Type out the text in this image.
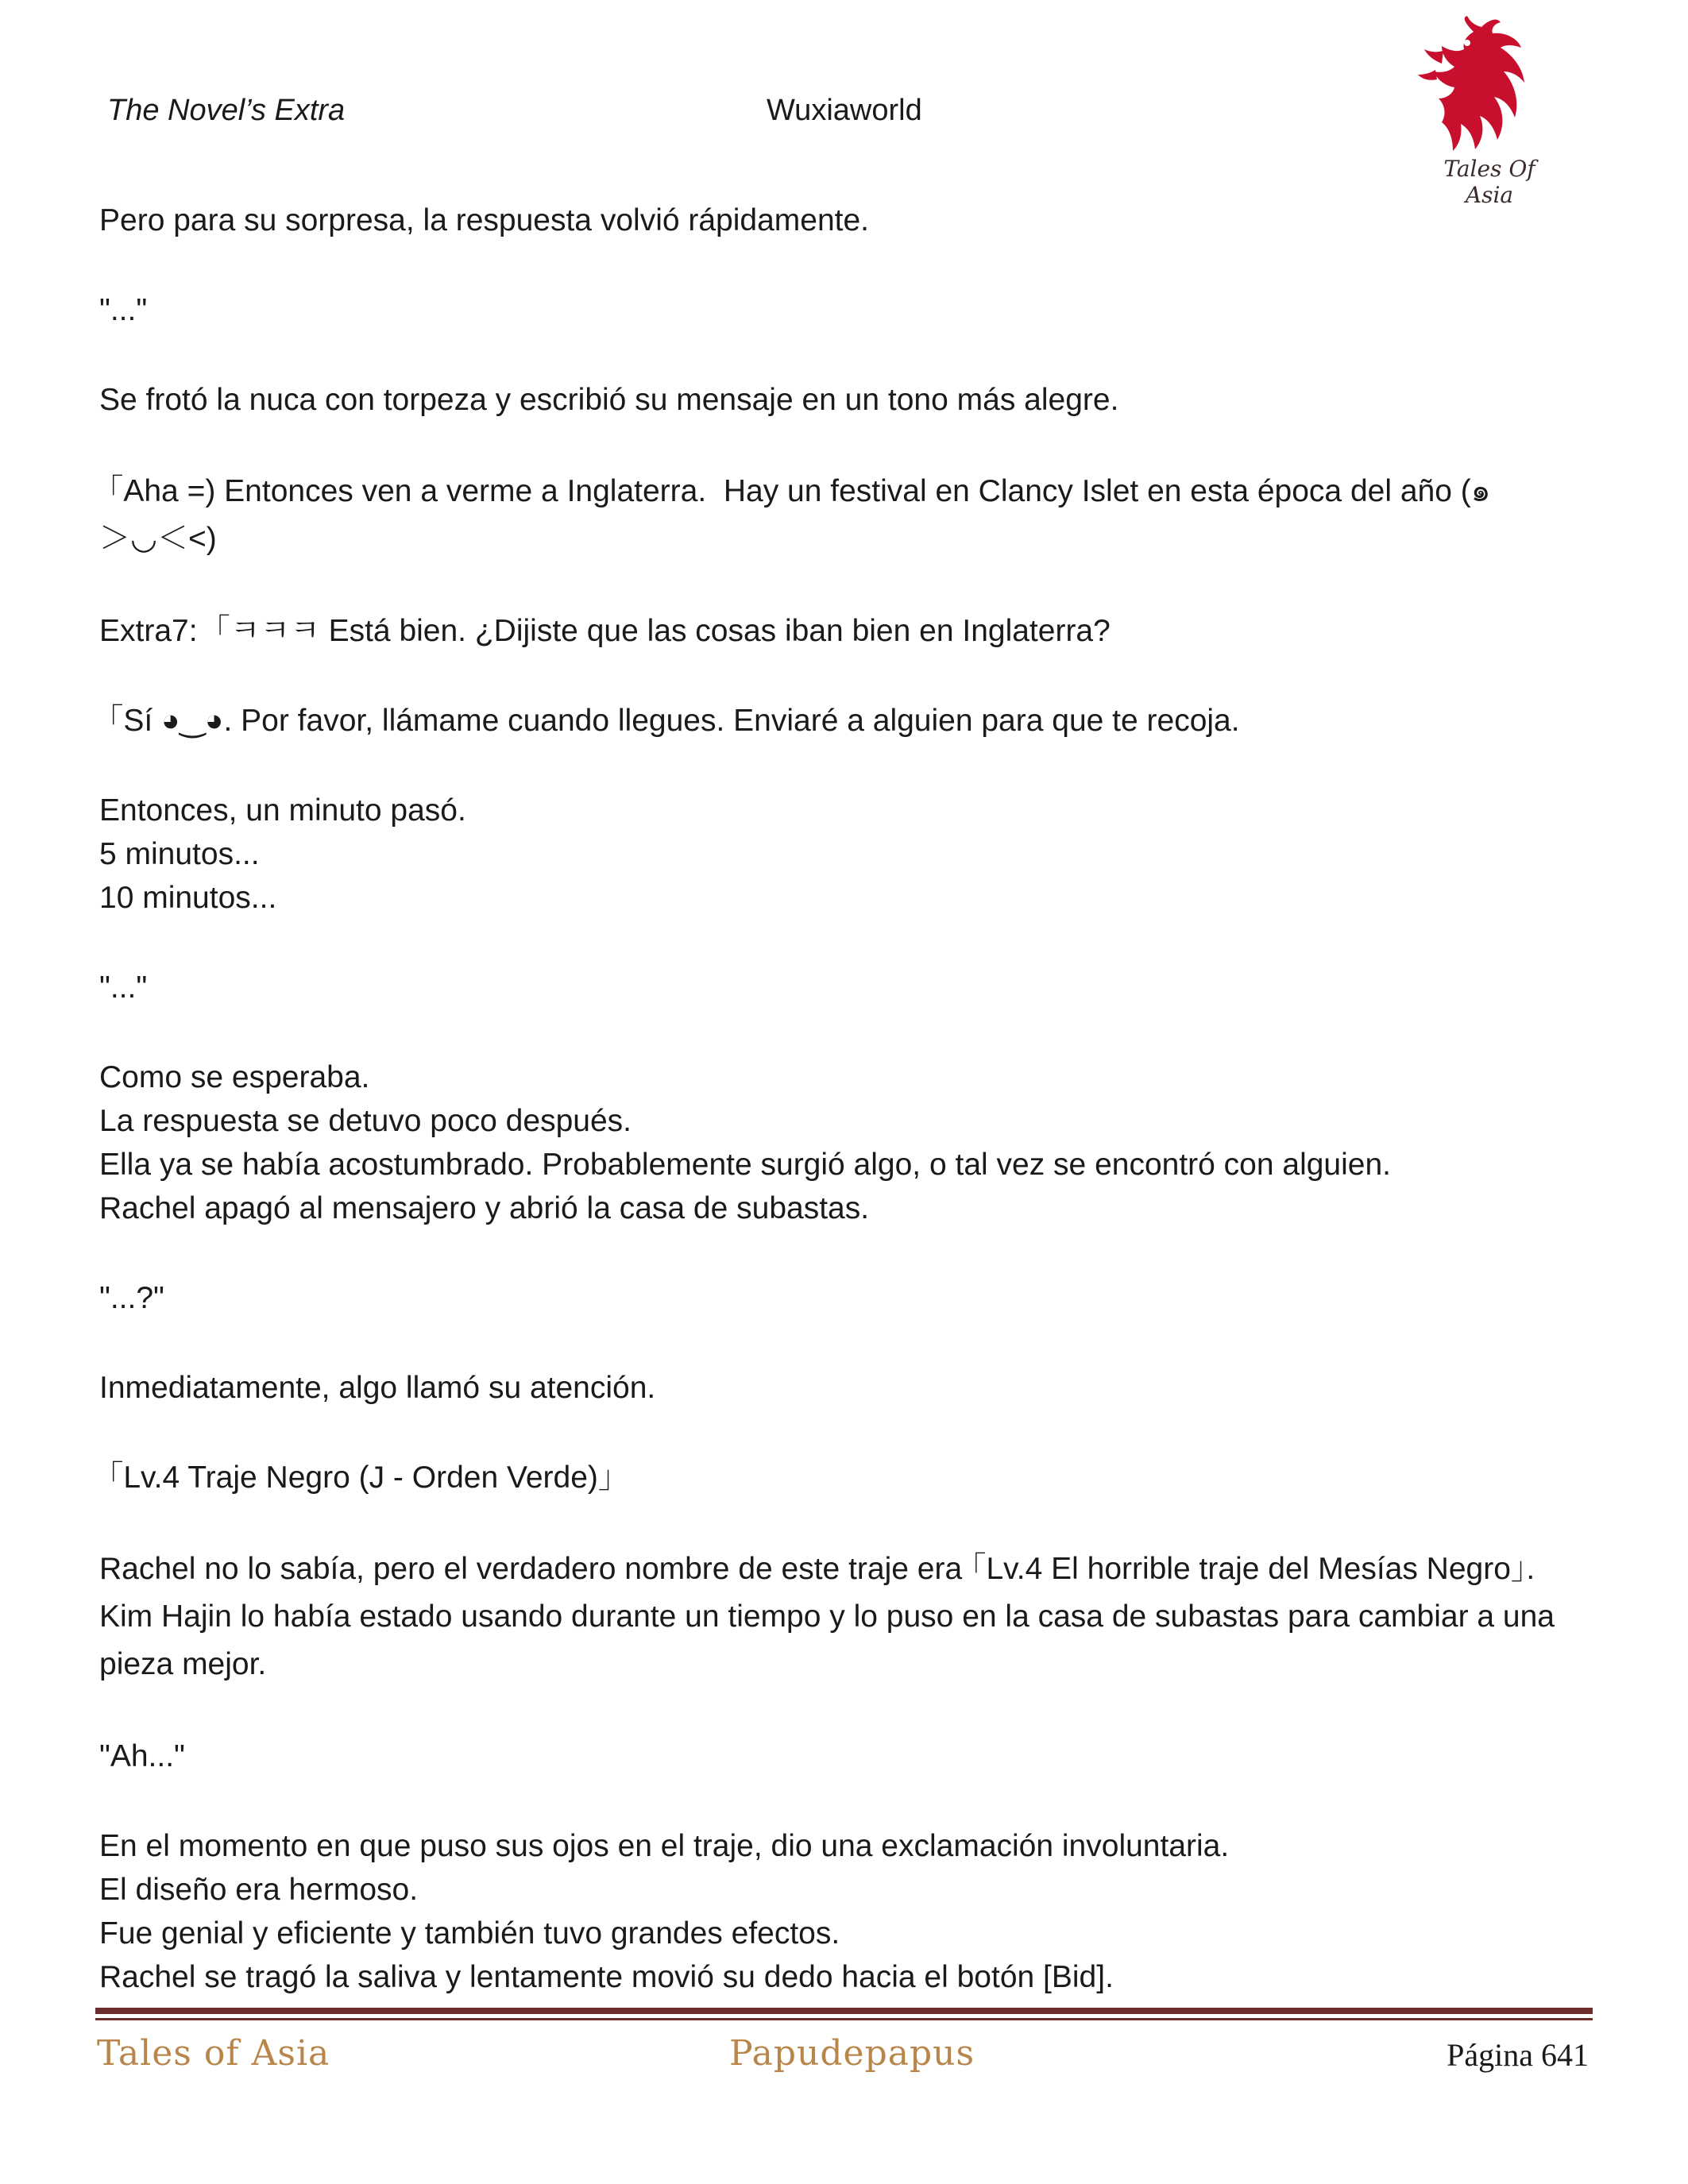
The Novel’s Extra	Wuxiaworld
Tales Of Asia

Pero para su sorpresa, la respuesta volvió rápidamente.

"..."

Se frotó la nuca con torpeza y escribió su mensaje en un tono más alegre.

｢Aha =) Entonces ven a verme a Inglaterra.  Hay un festival en Clancy Islet en esta época del año (๑
＞◡＜<)

Extra7:  ｢ㅋㅋㅋ Está bien. ¿Dijiste que las cosas iban bien en Inglaterra?

｢Sí ◕‿◕. Por favor, llámame cuando llegues. Enviaré a alguien para que te recoja.

Entonces, un minuto pasó.
5 minutos...
10 minutos...

"..."

Como se esperaba.
La respuesta se detuvo poco después.
Ella ya se había acostumbrado. Probablemente surgió algo, o tal vez se encontró con alguien.
Rachel apagó al mensajero y abrió la casa de subastas.

"...?"

Inmediatamente, algo llamó su atención.

｢Lv.4 Traje Negro (J - Orden Verde)｣

Rachel no lo sabía, pero el verdadero nombre de este traje era ｢Lv.4 El horrible traje del Mesías Negro｣. Kim Hajin lo había estado usando durante un tiempo y lo puso en la casa de subastas para cambiar a una pieza mejor.

"Ah..."

En el momento en que puso sus ojos en el traje, dio una exclamación involuntaria.
El diseño era hermoso.
Fue genial y eficiente y también tuvo grandes efectos.
Rachel se tragó la saliva y lentamente movió su dedo hacia el botón [Bid].

Tales of Asia	Papudepapus	Página 641
